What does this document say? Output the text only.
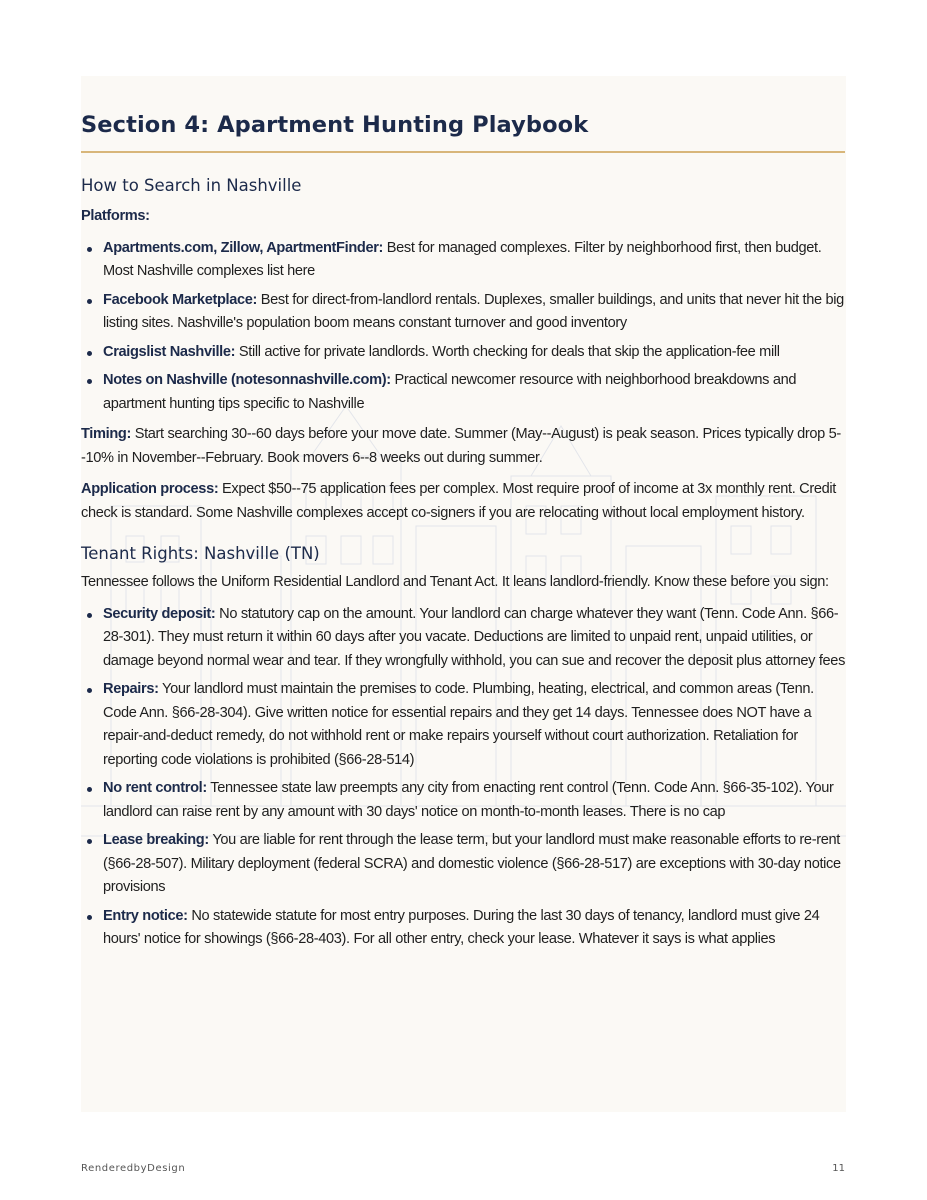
Section 4: Apartment Hunting Playbook
How to Search in Nashville

Platforms:

Apartments.com, Zillow, ApartmentFinder: Best for managed complexes. Filter by neighborhood first, then budget. Most Nashville complexes list here
Facebook Marketplace: Best for direct-from-landlord rentals. Duplexes, smaller buildings, and units that never hit the big listing sites. Nashville's population boom means constant turnover and good inventory
Craigslist Nashville: Still active for private landlords. Worth checking for deals that skip the application-fee mill
Notes on Nashville (notesonnashville.com): Practical newcomer resource with neighborhood breakdowns and apartment hunting tips specific to Nashville

Timing: Start searching 30--60 days before your move date. Summer (May--August) is peak season. Prices typically drop 5--10% in November--February. Book movers 6--8 weeks out during summer.

Application process: Expect $50--75 application fees per complex. Most require proof of income at 3x monthly rent. Credit check is standard. Some Nashville complexes accept co-signers if you are relocating without local employment history.

Tenant Rights: Nashville (TN)

Tennessee follows the Uniform Residential Landlord and Tenant Act. It leans landlord-friendly. Know these before you sign:

Security deposit: No statutory cap on the amount. Your landlord can charge whatever they want (Tenn. Code Ann. §66-28-301). They must return it within 60 days after you vacate. Deductions are limited to unpaid rent, unpaid utilities, or damage beyond normal wear and tear. If they wrongfully withhold, you can sue and recover the deposit plus attorney fees
Repairs: Your landlord must maintain the premises to code. Plumbing, heating, electrical, and common areas (Tenn. Code Ann. §66-28-304). Give written notice for essential repairs and they get 14 days. Tennessee does NOT have a repair-and-deduct remedy, do not withhold rent or make repairs yourself without court authorization. Retaliation for reporting code violations is prohibited (§66-28-514)
No rent control: Tennessee state law preempts any city from enacting rent control (Tenn. Code Ann. §66-35-102). Your landlord can raise rent by any amount with 30 days' notice on month-to-month leases. There is no cap
Lease breaking: You are liable for rent through the lease term, but your landlord must make reasonable efforts to re-rent (§66-28-507). Military deployment (federal SCRA) and domestic violence (§66-28-517) are exceptions with 30-day notice provisions
Entry notice: No statewide statute for most entry purposes. During the last 30 days of tenancy, landlord must give 24 hours' notice for showings (§66-28-403). For all other entry, check your lease. Whatever it says is what applies
RenderedbyDesign	11
